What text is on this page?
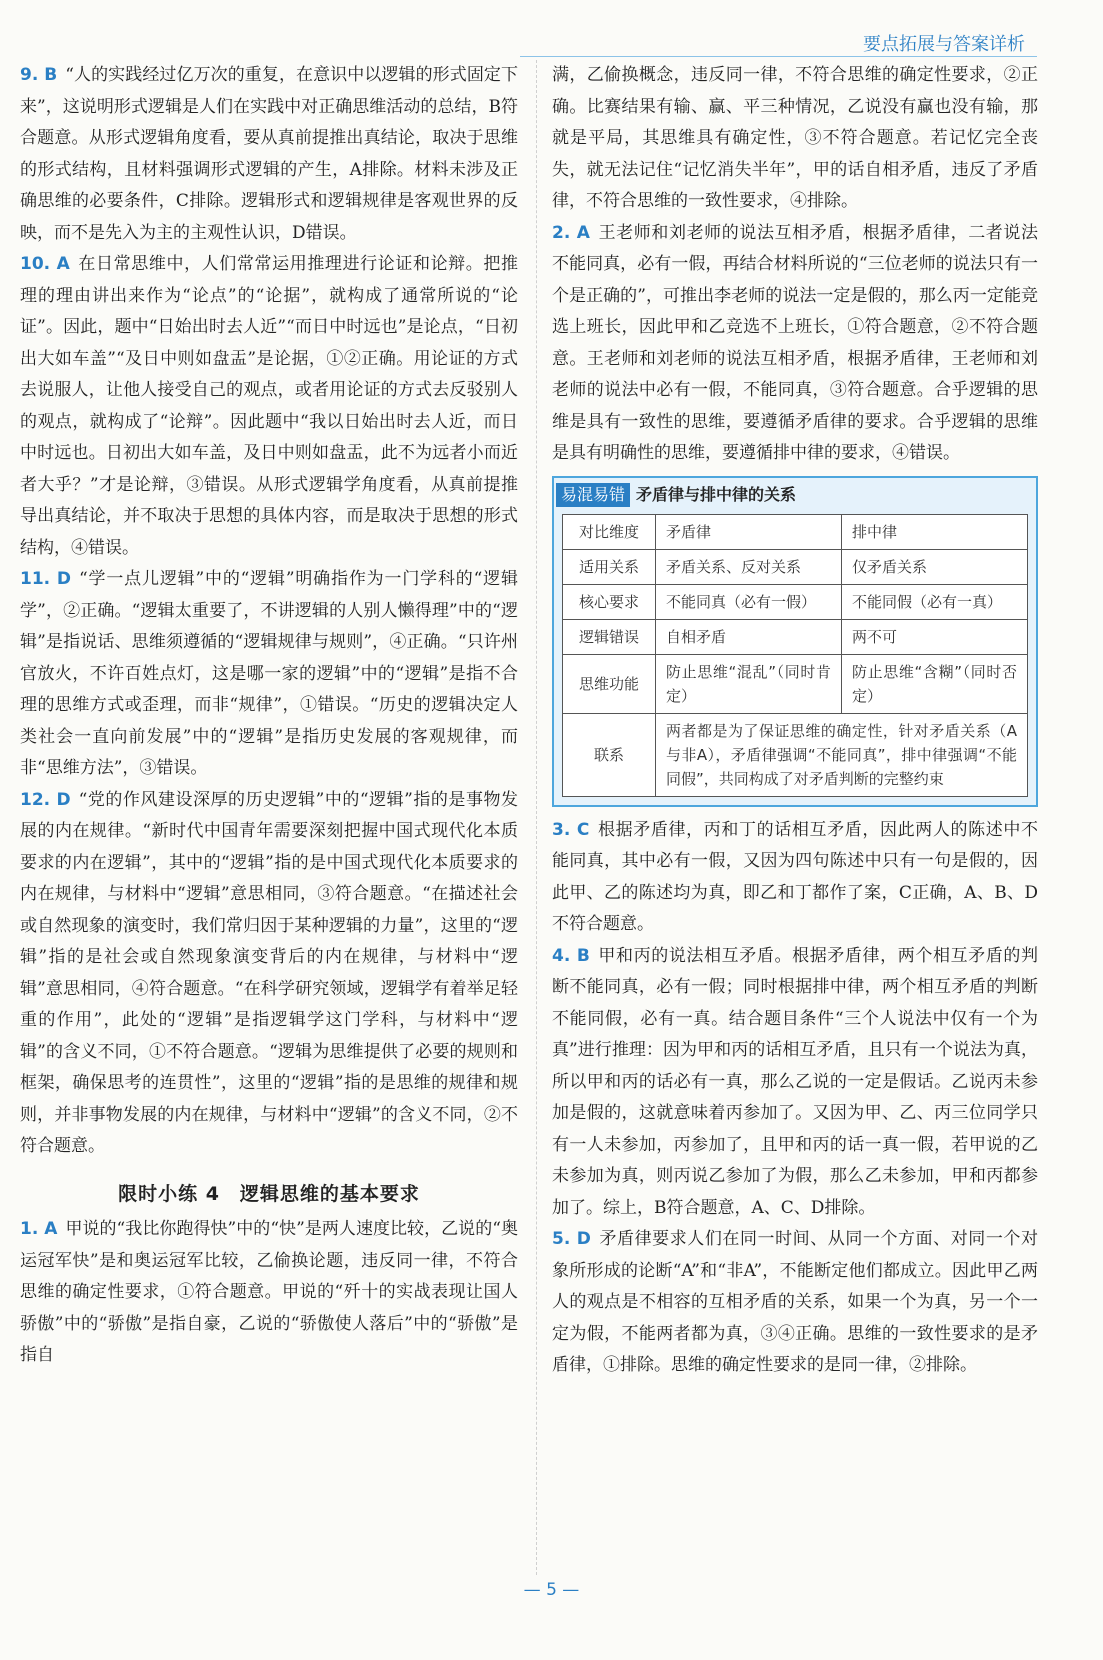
要点拓展与答案详析

9. B “人的实践经过亿万次的重复，在意识中以逻辑的形式固定下来”，这说明形式逻辑是人们在实践中对正确思维活动的总结，B符合题意。从形式逻辑角度看，要从真前提推出真结论，取决于思维的形式结构，且材料强调形式逻辑的产生，A排除。材料未涉及正确思维的必要条件，C排除。逻辑形式和逻辑规律是客观世界的反映，而不是先入为主的主观性认识，D错误。

10. A 在日常思维中，人们常常运用推理进行论证和论辩。把推理的理由讲出来作为“论点”的“论据”，就构成了通常所说的“论证”。因此，题中“日始出时去人近”“而日中时远也”是论点，“日初出大如车盖”“及日中则如盘盂”是论据，①②正确。用论证的方式去说服人，让他人接受自己的观点，或者用论证的方式去反驳别人的观点，就构成了“论辩”。因此题中“我以日始出时去人近，而日中时远也。日初出大如车盖，及日中则如盘盂，此不为远者小而近者大乎？”才是论辩，③错误。从形式逻辑学角度看，从真前提推导出真结论，并不取决于思想的具体内容，而是取决于思想的形式结构，④错误。

11. D “学一点儿逻辑”中的“逻辑”明确指作为一门学科的“逻辑学”，②正确。“逻辑太重要了，不讲逻辑的人别人懒得理”中的“逻辑”是指说话、思维须遵循的“逻辑规律与规则”，④正确。“只许州官放火，不许百姓点灯，这是哪一家的逻辑”中的“逻辑”是指不合理的思维方式或歪理，而非“规律”，①错误。“历史的逻辑决定人类社会一直向前发展”中的“逻辑”是指历史发展的客观规律，而非“思维方法”，③错误。

12. D “党的作风建设深厚的历史逻辑”中的“逻辑”指的是事物发展的内在规律。“新时代中国青年需要深刻把握中国式现代化本质要求的内在逻辑”，其中的“逻辑”指的是中国式现代化本质要求的内在规律，与材料中“逻辑”意思相同，③符合题意。“在描述社会或自然现象的演变时，我们常归因于某种逻辑的力量”，这里的“逻辑”指的是社会或自然现象演变背后的内在规律，与材料中“逻辑”意思相同，④符合题意。“在科学研究领域，逻辑学有着举足轻重的作用”，此处的“逻辑”是指逻辑学这门学科，与材料中“逻辑”的含义不同，①不符合题意。“逻辑为思维提供了必要的规则和框架，确保思考的连贯性”，这里的“逻辑”指的是思维的规律和规则，并非事物发展的内在规律，与材料中“逻辑”的含义不同，②不符合题意。

限时小练 4　逻辑思维的基本要求

1. A 甲说的“我比你跑得快”中的“快”是两人速度比较，乙说的“奥运冠军快”是和奥运冠军比较，乙偷换论题，违反同一律，不符合思维的确定性要求，①符合题意。甲说的“歼十的实战表现让国人骄傲”中的“骄傲”是指自豪，乙说的“骄傲使人落后”中的“骄傲”是指自

满，乙偷换概念，违反同一律，不符合思维的确定性要求，②正确。比赛结果有输、赢、平三种情况，乙说没有赢也没有输，那就是平局，其思维具有确定性，③不符合题意。若记忆完全丧失，就无法记住“记忆消失半年”，甲的话自相矛盾，违反了矛盾律，不符合思维的一致性要求，④排除。

2. A 王老师和刘老师的说法互相矛盾，根据矛盾律，二者说法不能同真，必有一假，再结合材料所说的“三位老师的说法只有一个是正确的”，可推出李老师的说法一定是假的，那么丙一定能竞选上班长，因此甲和乙竞选不上班长，①符合题意，②不符合题意。王老师和刘老师的说法互相矛盾，根据矛盾律，王老师和刘老师的说法中必有一假，不能同真，③符合题意。合乎逻辑的思维是具有一致性的思维，要遵循矛盾律的要求。合乎逻辑的思维是具有明确性的思维，要遵循排中律的要求，④错误。

易混易错 矛盾律与排中律的关系
对比维度	矛盾律	排中律
适用关系	矛盾关系、反对关系	仅矛盾关系
核心要求	不能同真（必有一假）	不能同假（必有一真）
逻辑错误	自相矛盾	两不可
思维功能	防止思维“混乱”（同时肯定）	防止思维“含糊”（同时否定）
联系	两者都是为了保证思维的确定性，针对矛盾关系（A与非A），矛盾律强调“不能同真”，排中律强调“不能同假”，共同构成了对矛盾判断的完整约束	

3. C 根据矛盾律，丙和丁的话相互矛盾，因此两人的陈述中不能同真，其中必有一假，又因为四句陈述中只有一句是假的，因此甲、乙的陈述均为真，即乙和丁都作了案，C正确，A、B、D不符合题意。

4. B 甲和丙的说法相互矛盾。根据矛盾律，两个相互矛盾的判断不能同真，必有一假；同时根据排中律，两个相互矛盾的判断不能同假，必有一真。结合题目条件“三个人说法中仅有一个为真”进行推理：因为甲和丙的话相互矛盾，且只有一个说法为真，所以甲和丙的话必有一真，那么乙说的一定是假话。乙说丙未参加是假的，这就意味着丙参加了。又因为甲、乙、丙三位同学只有一人未参加，丙参加了，且甲和丙的话一真一假，若甲说的乙未参加为真，则丙说乙参加了为假，那么乙未参加，甲和丙都参加了。综上，B符合题意，A、C、D排除。

5. D 矛盾律要求人们在同一时间、从同一个方面、对同一个对象所形成的论断“A”和“非A”，不能断定他们都成立。因此甲乙两人的观点是不相容的互相矛盾的关系，如果一个为真，另一个一定为假，不能两者都为真，③④正确。思维的一致性要求的是矛盾律，①排除。思维的确定性要求的是同一律，②排除。

— 5 —
